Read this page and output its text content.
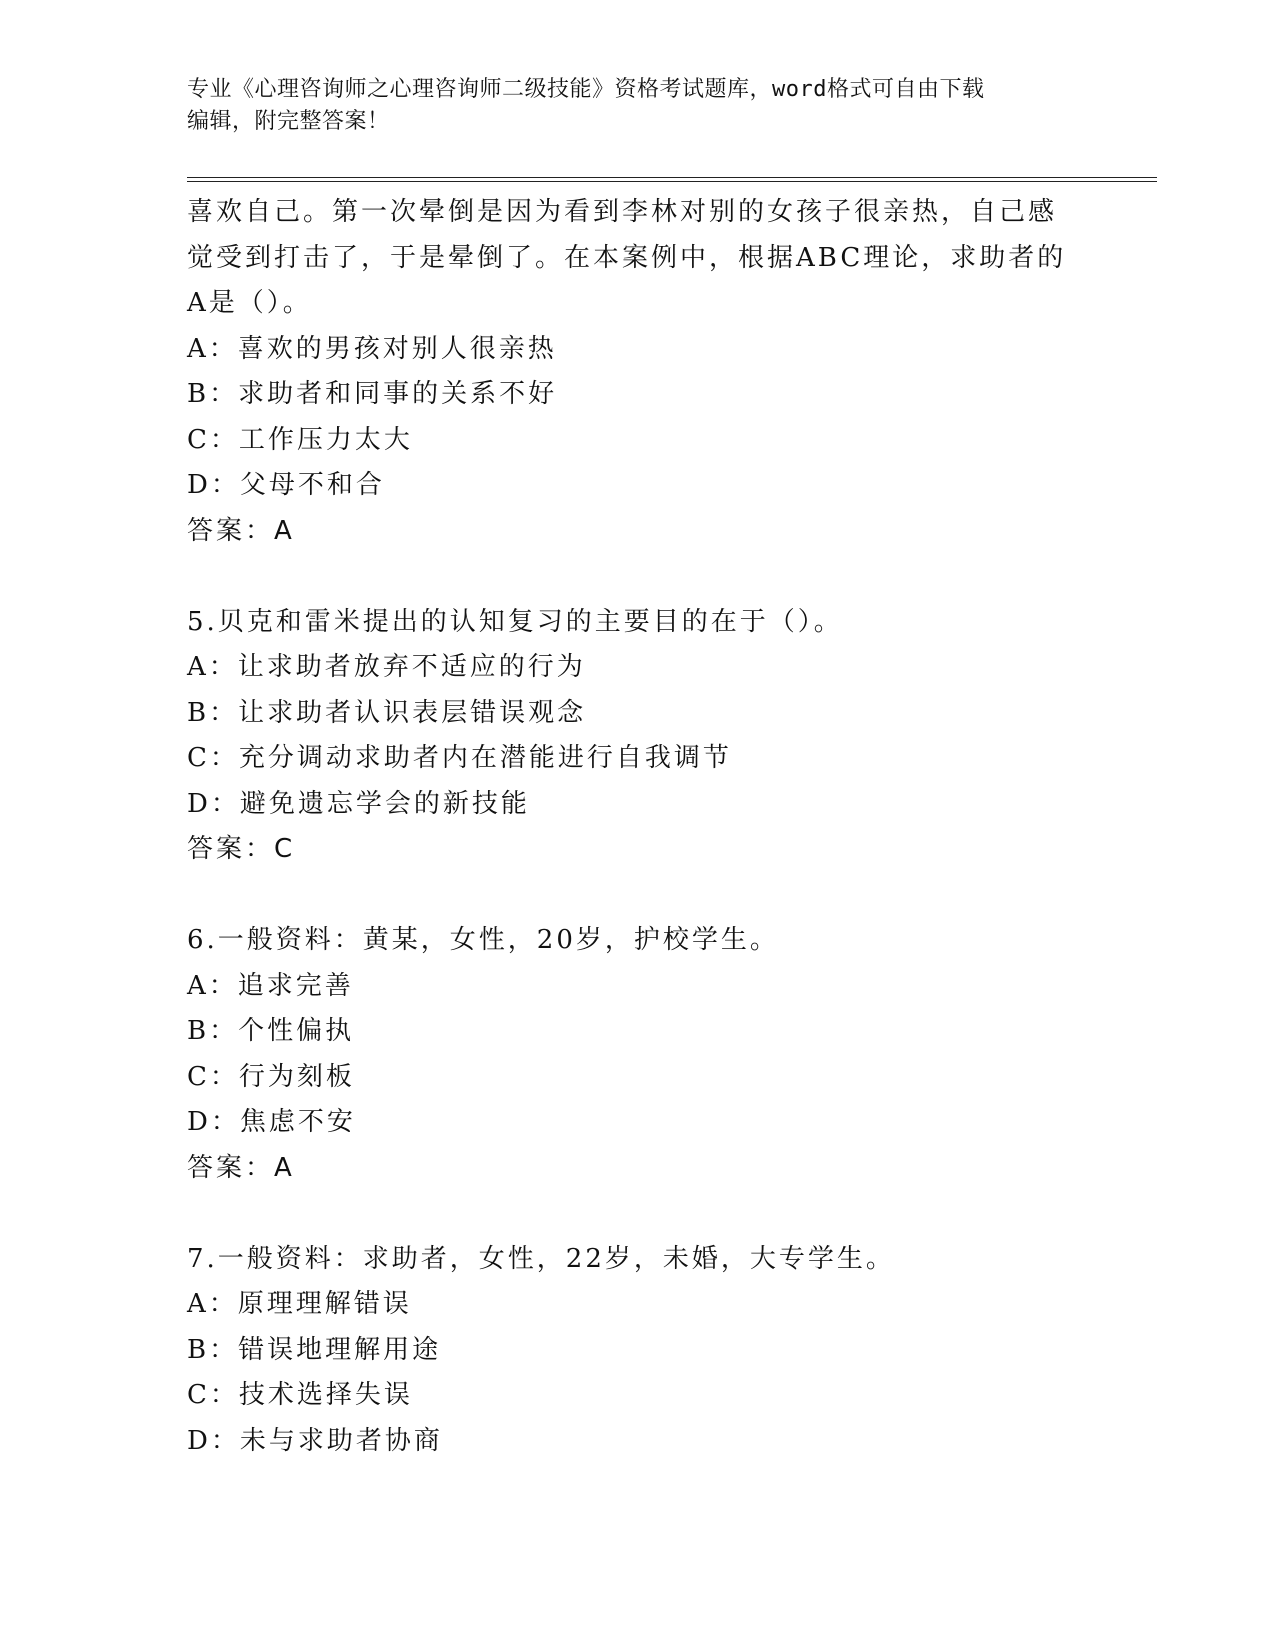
专业《心理咨询师之心理咨询师二级技能》资格考试题库，word格式可自由下载
编辑，附完整答案！
喜欢自己。第一次晕倒是因为看到李林对别的女孩子很亲热，自己感
觉受到打击了，于是晕倒了。在本案例中，根据ABC理论，求助者的
A是（）。
A：喜欢的男孩对别人很亲热
B：求助者和同事的关系不好
C：工作压力太大
D：父母不和合
答案：A
5.贝克和雷米提出的认知复习的主要目的在于（）。
A：让求助者放弃不适应的行为
B：让求助者认识表层错误观念
C：充分调动求助者内在潜能进行自我调节
D：避免遗忘学会的新技能
答案：C
6.一般资料：黄某，女性，20岁，护校学生。
A：追求完善
B：个性偏执
C：行为刻板
D：焦虑不安
答案：A
7.一般资料：求助者，女性，22岁，未婚，大专学生。
A：原理理解错误
B：错误地理解用途
C：技术选择失误
D：未与求助者协商
